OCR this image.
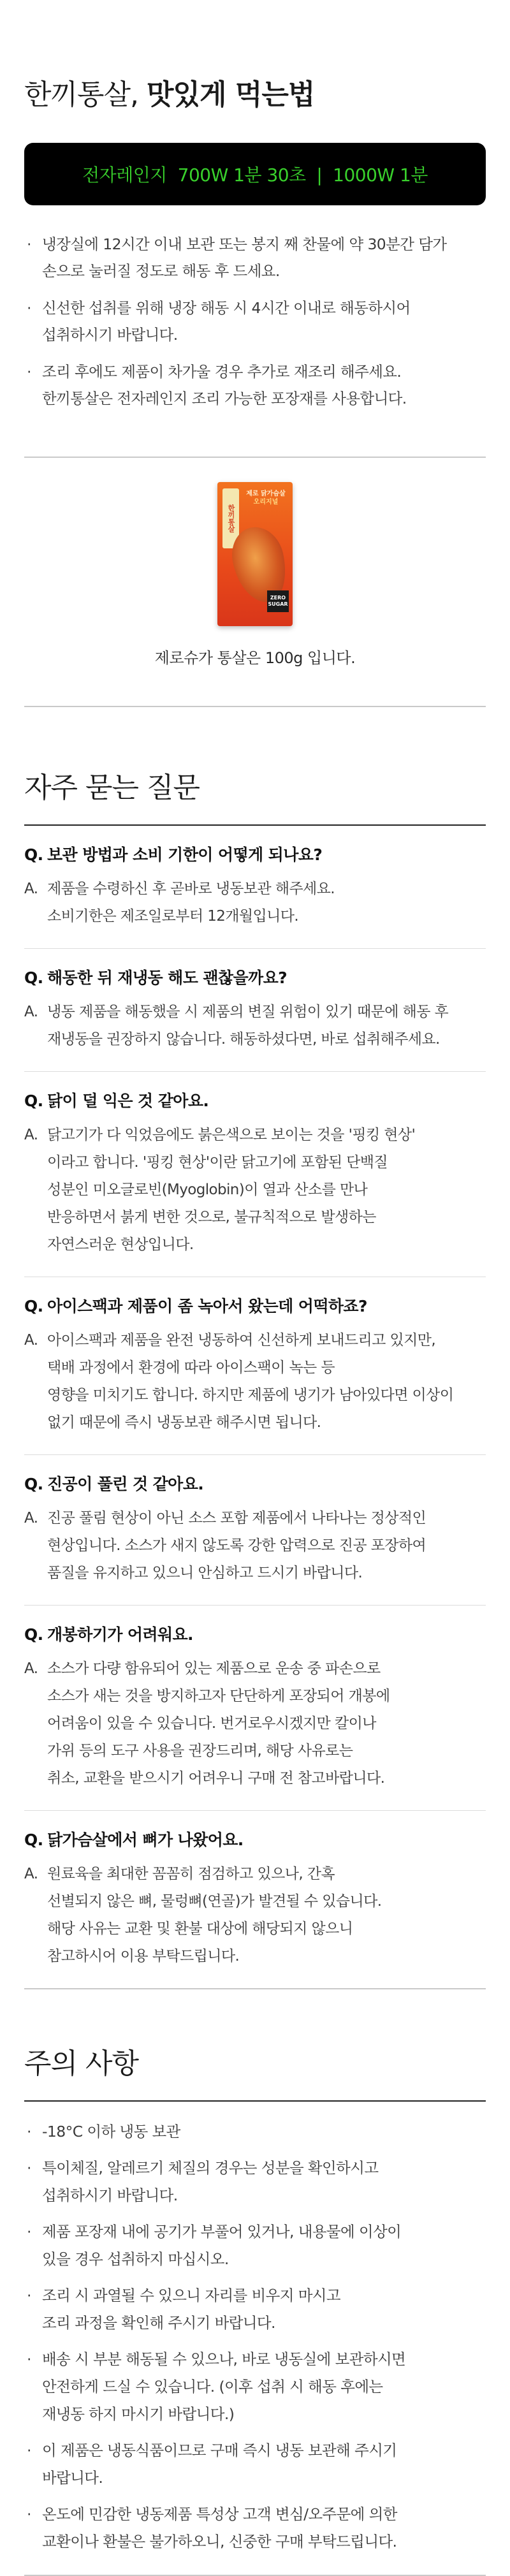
한끼통살, 맛있게 먹는법
전자레인지  700W 1분 30초  |  1000W 1분
· 냉장실에 12시간 이내 보관 또는 봉지 째 찬물에 약 30분간 담가
손으로 눌러질 정도로 해동 후 드세요.
· 신선한 섭취를 위해 냉장 해동 시 4시간 이내로 해동하시어
섭취하시기 바랍니다.
· 조리 후에도 제품이 차가울 경우 추가로 재조리 해주세요.
한끼통살은 전자레인지 조리 가능한 포장재를 사용합니다.
한끼통살
제로 닭가슴살
오리지널
ZERO SUGAR
제로슈가 통살은 100g 입니다.
자주 묻는 질문
Q. 보관 방법과 소비 기한이 어떻게 되나요?
A. 제품을 수령하신 후 곧바로 냉동보관 해주세요.
소비기한은 제조일로부터 12개월입니다.
Q. 해동한 뒤 재냉동 해도 괜찮을까요?
A. 냉동 제품을 해동했을 시 제품의 변질 위험이 있기 때문에 해동 후
재냉동을 권장하지 않습니다. 해동하셨다면, 바로 섭취해주세요.
Q. 닭이 덜 익은 것 같아요.
A. 닭고기가 다 익었음에도 붉은색으로 보이는 것을 '핑킹 현상'
이라고 합니다. '핑킹 현상'이란 닭고기에 포함된 단백질
성분인 미오글로빈(Myoglobin)이 열과 산소를 만나
반응하면서 붉게 변한 것으로, 불규칙적으로 발생하는
자연스러운 현상입니다.
Q. 아이스팩과 제품이 좀 녹아서 왔는데 어떡하죠?
A. 아이스팩과 제품을 완전 냉동하여 신선하게 보내드리고 있지만,
택배 과정에서 환경에 따라 아이스팩이 녹는 등
영향을 미치기도 합니다. 하지만 제품에 냉기가 남아있다면 이상이
없기 때문에 즉시 냉동보관 해주시면 됩니다.
Q. 진공이 풀린 것 같아요.
A. 진공 풀림 현상이 아닌 소스 포함 제품에서 나타나는 정상적인
현상입니다. 소스가 새지 않도록 강한 압력으로 진공 포장하여
품질을 유지하고 있으니 안심하고 드시기 바랍니다.
Q. 개봉하기가 어려워요.
A. 소스가 다량 함유되어 있는 제품으로 운송 중 파손으로
소스가 새는 것을 방지하고자 단단하게 포장되어 개봉에
어려움이 있을 수 있습니다. 번거로우시겠지만 칼이나
가위 등의 도구 사용을 권장드리며, 해당 사유로는
취소, 교환을 받으시기 어려우니 구매 전 참고바랍니다.
Q. 닭가슴살에서 뼈가 나왔어요.
A. 원료육을 최대한 꼼꼼히 점검하고 있으나, 간혹
선별되지 않은 뼈, 물렁뼈(연골)가 발견될 수 있습니다.
해당 사유는 교환 및 환불 대상에 해당되지 않으니
참고하시어 이용 부탁드립니다.
주의 사항
· -18°C 이하 냉동 보관
· 특이체질, 알레르기 체질의 경우는 성분을 확인하시고
섭취하시기 바랍니다.
· 제품 포장재 내에 공기가 부풀어 있거나, 내용물에 이상이
있을 경우 섭취하지 마십시오.
· 조리 시 과열될 수 있으니 자리를 비우지 마시고
조리 과정을 확인해 주시기 바랍니다.
· 배송 시 부분 해동될 수 있으나, 바로 냉동실에 보관하시면
안전하게 드실 수 있습니다. (이후 섭취 시 해동 후에는
재냉동 하지 마시기 바랍니다.)
· 이 제품은 냉동식품이므로 구매 즉시 냉동 보관해 주시기
바랍니다.
· 온도에 민감한 냉동제품 특성상 고객 변심/오주문에 의한
교환이나 환불은 불가하오니, 신중한 구매 부탁드립니다.
